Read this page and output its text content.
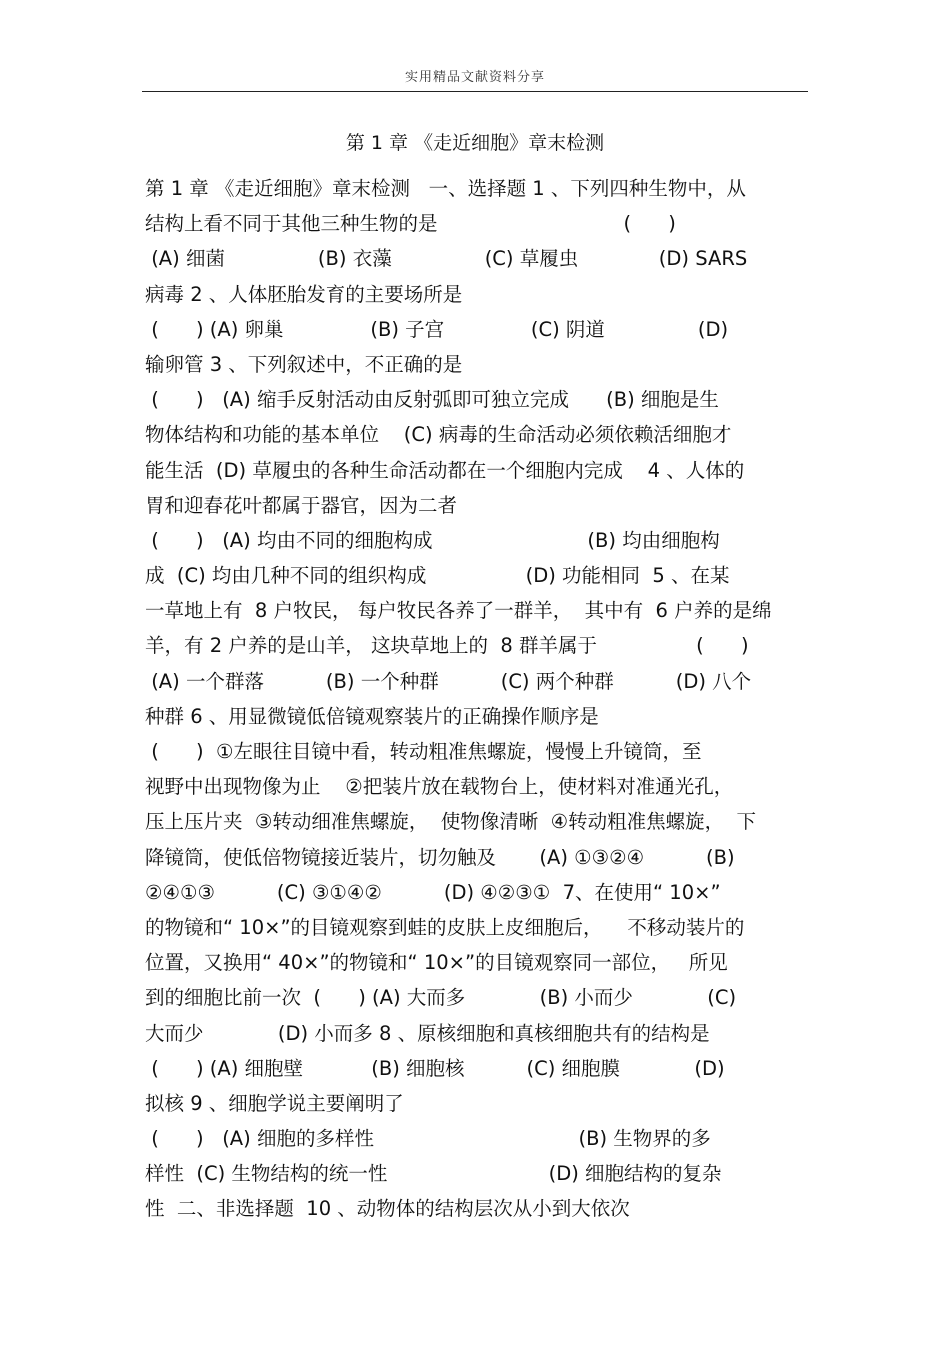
实用精品文献资料分享
第 1 章 《走近细胞》章末检测
第 1 章 《走近细胞》章末检测   一、选择题 1 、下列四种生物中，从
结构上看不同于其他三种生物的是                              (      )
(A) 细菌               (B) 衣藻               (C) 草履虫             (D) SARS
病毒 2 、人体胚胎发育的主要场所是
(      ) (A) 卵巢              (B) 子宫              (C) 阴道               (D)
输卵管 3 、下列叙述中，不正确的是
(      )   (A) 缩手反射活动由反射弧即可独立完成      (B) 细胞是生
物体结构和功能的基本单位    (C) 病毒的生命活动必须依赖活细胞才
能生活  (D) 草履虫的各种生命活动都在一个细胞内完成    4 、人体的
胃和迎春花叶都属于器官，因为二者
(      )   (A) 均由不同的细胞构成                         (B) 均由细胞构
成  (C) 均由几种不同的组织构成                (D) 功能相同  5 、在某
一草地上有  8 户牧民， 每户牧民各养了一群羊，  其中有  6 户养的是绵
羊，有 2 户养的是山羊， 这块草地上的  8 群羊属于                (      )
(A) 一个群落          (B) 一个种群          (C) 两个种群          (D) 八个
种群 6 、用显微镜低倍镜观察装片的正确操作顺序是
(      )  ①左眼往目镜中看，转动粗准焦螺旋，慢慢上升镜筒，至
视野中出现物像为止    ②把装片放在载物台上，使材料对准通光孔，
压上压片夹  ③转动细准焦螺旋，  使物像清晰  ④转动粗准焦螺旋，  下
降镜筒，使低倍物镜接近装片，切勿触及       (A) ①③②④          (B)
②④①③          (C) ③①④②          (D) ④②③①  7、在使用“ 10×”
的物镜和“ 10×”的目镜观察到蛙的皮肤上皮细胞后，    不移动装片的
位置，又换用“ 40×”的物镜和“ 10×”的目镜观察同一部位，   所见
到的细胞比前一次  (      ) (A) 大而多            (B) 小而少            (C)
大而少            (D) 小而多 8 、原核细胞和真核细胞共有的结构是
(      ) (A) 细胞壁           (B) 细胞核          (C) 细胞膜            (D)
拟核 9 、细胞学说主要阐明了
(      )   (A) 细胞的多样性                                 (B) 生物界的多
样性  (C) 生物结构的统一性                          (D) 细胞结构的复杂
性  二、非选择题  10 、动物体的结构层次从小到大依次
